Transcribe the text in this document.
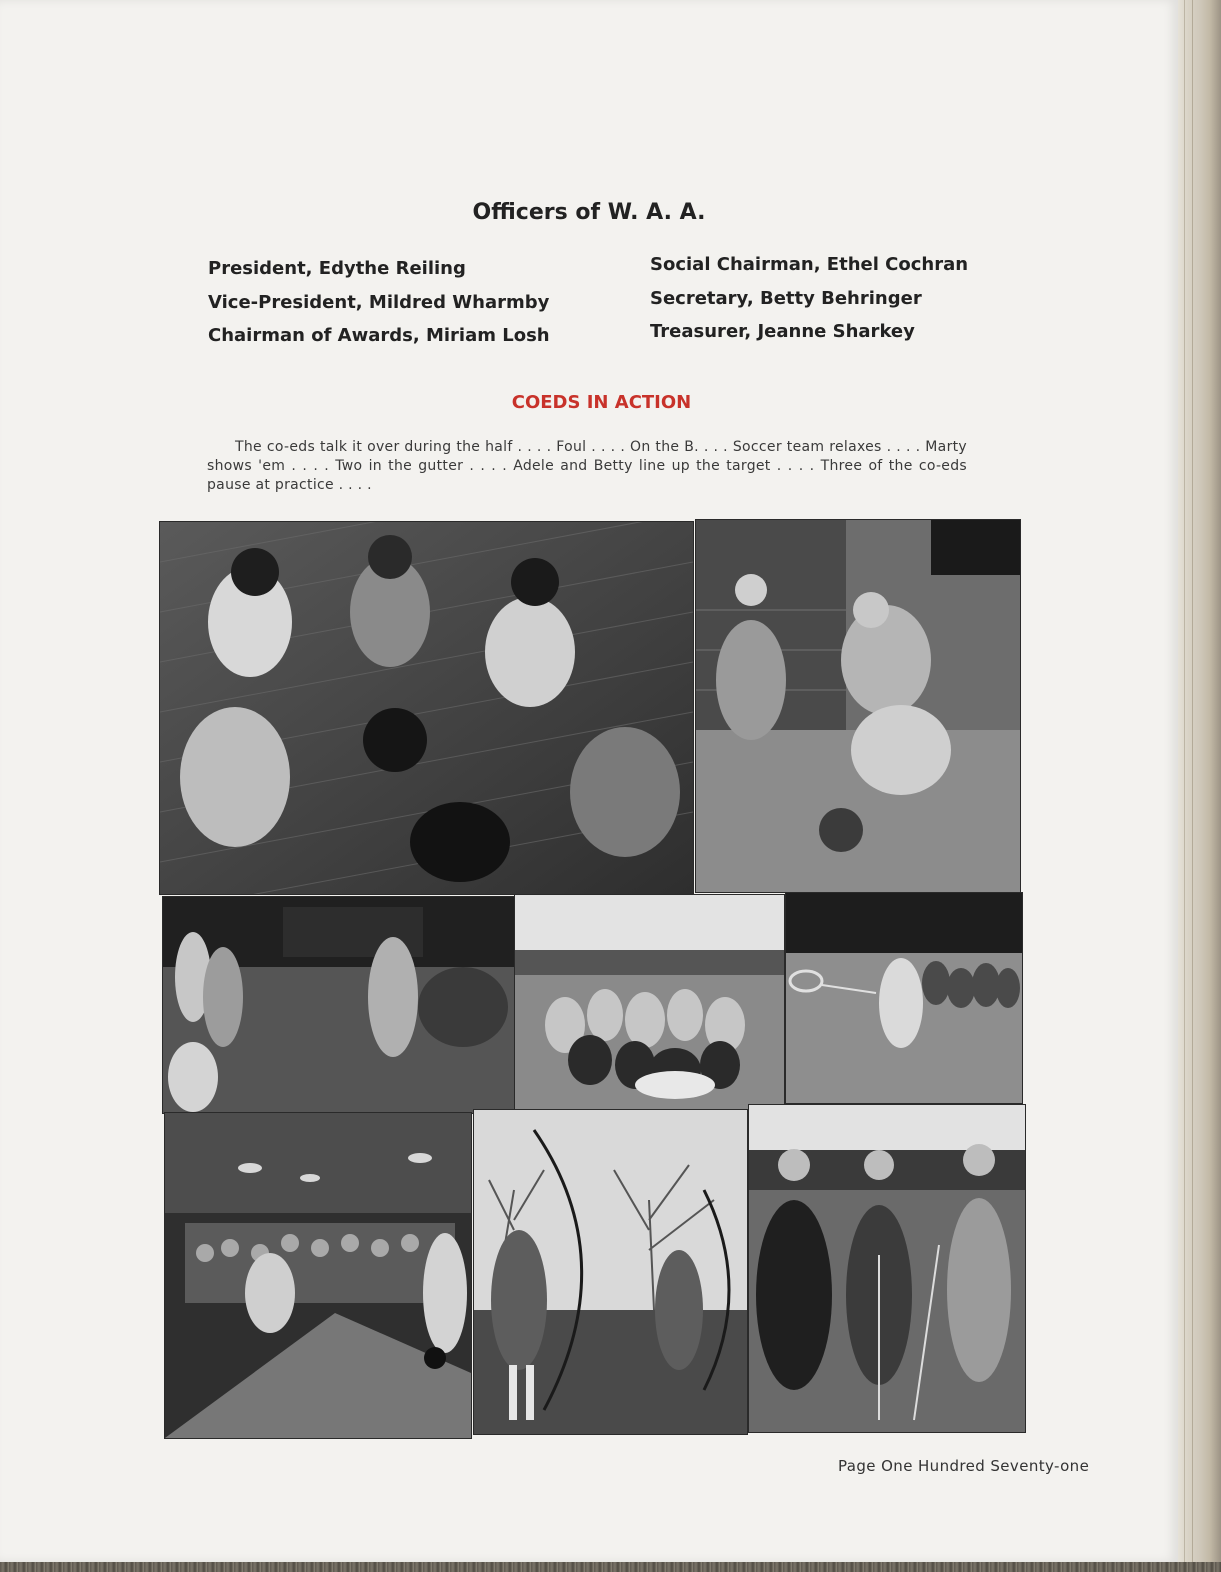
Officers of W. A. A.
President, Edythe Reiling
Vice-President, Mildred Wharmby
Chairman of Awards, Miriam Losh
Social Chairman, Ethel Cochran
Secretary, Betty Behringer
Treasurer, Jeanne Sharkey
COEDS IN ACTION

The co-eds talk it over during the half . . . . Foul . . . . On the B. . . . Soccer team relaxes . . . . Marty shows 'em . . . . Two in the gutter . . . . Adele and Betty line up the target . . . . Three of the co-eds pause at practice . . . .

Page One Hundred Seventy-one
